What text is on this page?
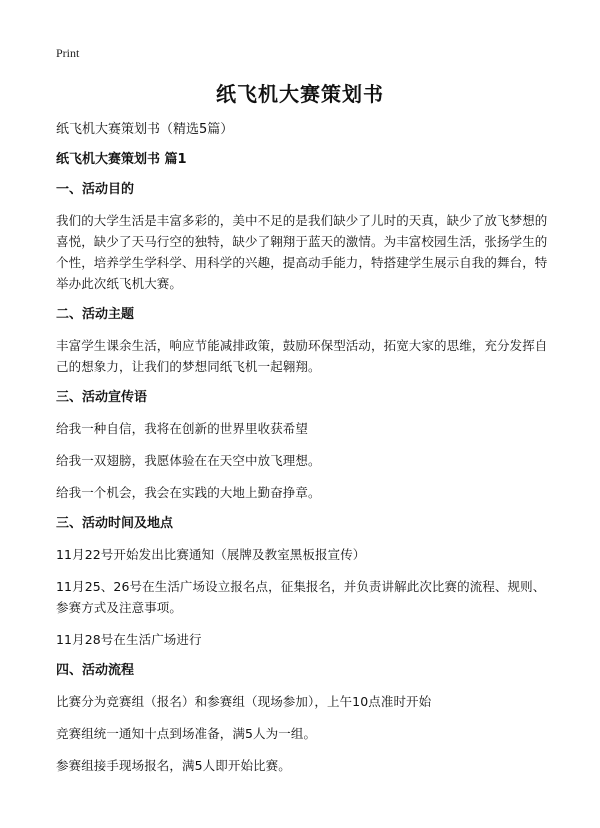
Print
纸飞机大赛策划书

纸飞机大赛策划书（精选5篇）

纸飞机大赛策划书 篇1

一、活动目的

我们的大学生活是丰富多彩的，美中不足的是我们缺少了儿时的天真，缺少了放飞梦想的喜悦，缺少了天马行空的独特，缺少了翱翔于蓝天的激情。为丰富校园生活，张扬学生的个性，培养学生学科学、用科学的兴趣，提高动手能力，特搭建学生展示自我的舞台，特举办此次纸飞机大赛。

二、活动主题

丰富学生课余生活，响应节能减排政策，鼓励环保型活动，拓宽大家的思维，充分发挥自己的想象力，让我们的梦想同纸飞机一起翱翔。

三、活动宣传语

给我一种自信，我将在创新的世界里收获希望

给我一双翅膀，我愿体验在在天空中放飞理想。

给我一个机会，我会在实践的大地上勤奋挣章。

三、活动时间及地点

11月22号开始发出比赛通知（展牌及教室黑板报宣传）

11月25、26号在生活广场设立报名点，征集报名，并负责讲解此次比赛的流程、规则、参赛方式及注意事项。

11月28号在生活广场进行

四、活动流程

比赛分为竞赛组（报名）和参赛组（现场参加），上午10点准时开始

竞赛组统一通知十点到场准备，满5人为一组。

参赛组接手现场报名，满5人即开始比赛。
